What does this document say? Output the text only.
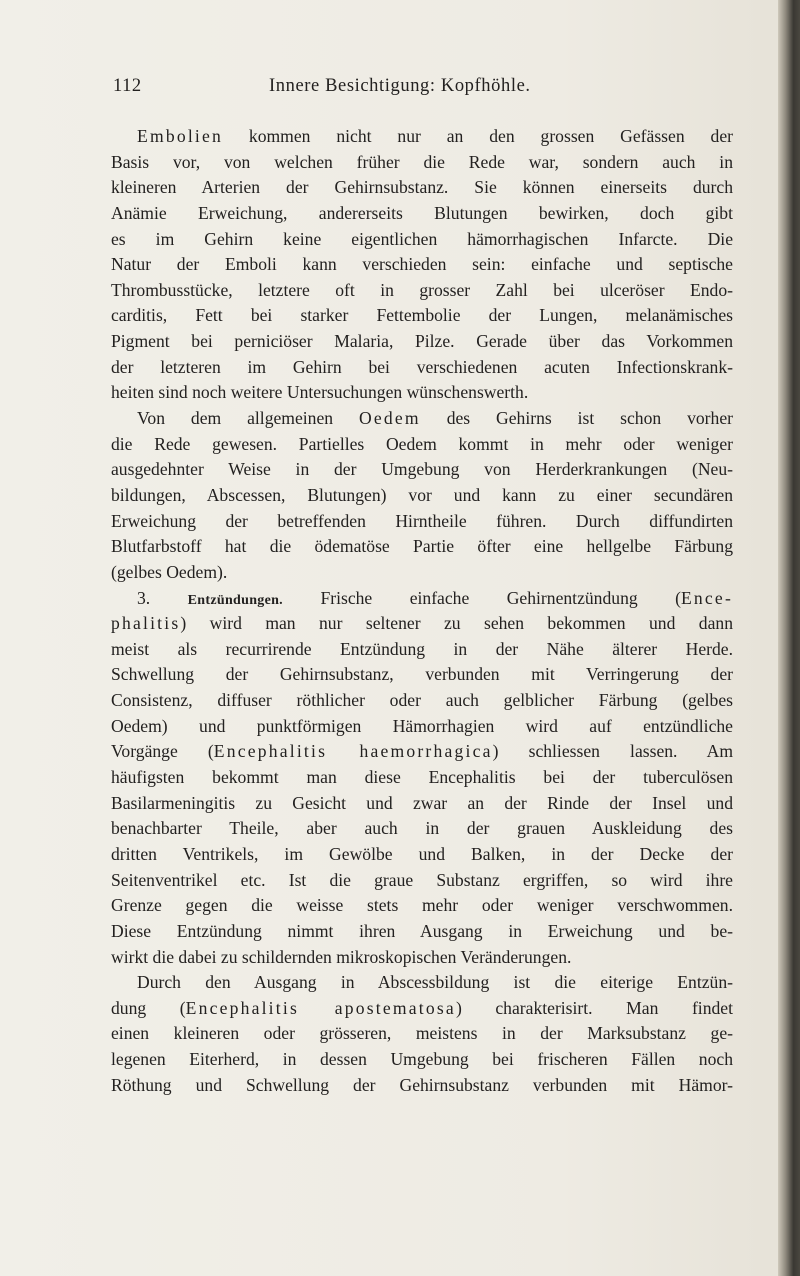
112	Innere Besichtigung: Kopfhöhle.
Embolien kommen nicht nur an den grossen Gefässen der
Basis vor, von welchen früher die Rede war, sondern auch in
kleineren Arterien der Gehirnsubstanz. Sie können einerseits durch
Anämie Erweichung, andererseits Blutungen bewirken, doch gibt
es im Gehirn keine eigentlichen hämorrhagischen Infarcte. Die
Natur der Emboli kann verschieden sein: einfache und septische
Thrombusstücke, letztere oft in grosser Zahl bei ulceröser Endo-
carditis, Fett bei starker Fettembolie der Lungen, melanämisches
Pigment bei perniciöser Malaria, Pilze. Gerade über das Vorkommen
der letzteren im Gehirn bei verschiedenen acuten Infectionskrank-
heiten sind noch weitere Untersuchungen wünschenswerth.
Von dem allgemeinen Oedem des Gehirns ist schon vorher
die Rede gewesen. Partielles Oedem kommt in mehr oder weniger
ausgedehnter Weise in der Umgebung von Herderkrankungen (Neu-
bildungen, Abscessen, Blutungen) vor und kann zu einer secundären
Erweichung der betreffenden Hirntheile führen. Durch diffundirten
Blutfarbstoff hat die ödematöse Partie öfter eine hellgelbe Färbung
(gelbes Oedem).
3. Entzündungen. Frische einfache Gehirnentzündung (Ence-
phalitis) wird man nur seltener zu sehen bekommen und dann
meist als recurrirende Entzündung in der Nähe älterer Herde.
Schwellung der Gehirnsubstanz, verbunden mit Verringerung der
Consistenz, diffuser röthlicher oder auch gelblicher Färbung (gelbes
Oedem) und punktförmigen Hämorrhagien wird auf entzündliche
Vorgänge (Encephalitis haemorrhagica) schliessen lassen. Am
häufigsten bekommt man diese Encephalitis bei der tuberculösen
Basilarmeningitis zu Gesicht und zwar an der Rinde der Insel und
benachbarter Theile, aber auch in der grauen Auskleidung des
dritten Ventrikels, im Gewölbe und Balken, in der Decke der
Seitenventrikel etc. Ist die graue Substanz ergriffen, so wird ihre
Grenze gegen die weisse stets mehr oder weniger verschwommen.
Diese Entzündung nimmt ihren Ausgang in Erweichung und be-
wirkt die dabei zu schildernden mikroskopischen Veränderungen.
Durch den Ausgang in Abscessbildung ist die eiterige Entzün-
dung (Encephalitis apostematosa) charakterisirt. Man findet
einen kleineren oder grösseren, meistens in der Marksubstanz ge-
legenen Eiterherd, in dessen Umgebung bei frischeren Fällen noch
Röthung und Schwellung der Gehirnsubstanz verbunden mit Hämor-
